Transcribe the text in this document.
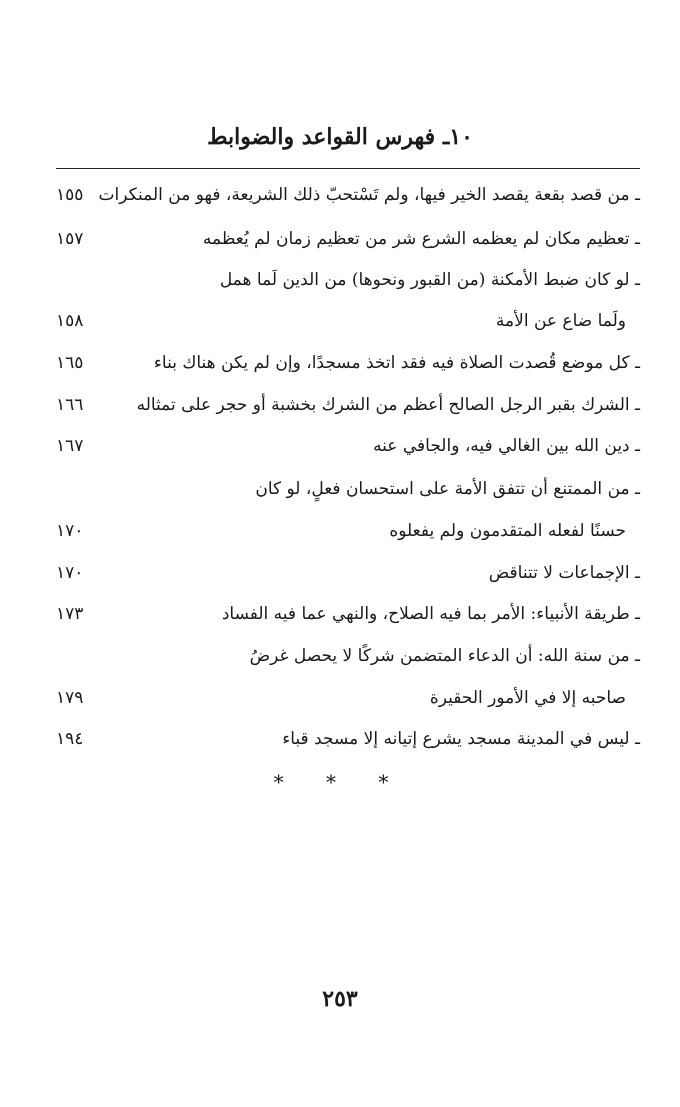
١٠ـ فهرس القواعد والضوابط
ـ من قصد بقعة يقصد الخير فيها، ولم تَسْتحبّ ذلك الشريعة، فهو من المنكرات
١٥٥
ـ تعظيم مكان لم يعظمه الشرع شر من تعظيم زمان لم يُعظمه
١٥٧
ـ لو كان ضبط الأمكنة (من القبور ونحوها) من الدين لَما همل
ولَما ضاع عن الأمة
١٥٨
ـ كل موضع قُصدت الصلاة فيه فقد اتخذ مسجدًا، وإن لم يكن هناك بناء
١٦٥
ـ الشرك بقبر الرجل الصالح أعظم من الشرك بخشبة أو حجر على تمثاله
١٦٦
ـ دين الله بين الغالي فيه، والجافي عنه
١٦٧
ـ من الممتنع أن تتفق الأمة على استحسان فعلٍ، لو كان
حسنًا لفعله المتقدمون ولم يفعلوه
١٧٠
ـ الإجماعات لا تتناقض
١٧٠
ـ طريقة الأنبياء: الأمر بما فيه الصلاح، والنهي عما فيه الفساد
١٧٣
ـ من سنة الله: أن الدعاء المتضمن شركًا لا يحصل غرضُ
صاحبه إلا في الأمور الحقيرة
١٧٩
ـ ليس في المدينة مسجد يشرع إتيانه إلا مسجد قباء
١٩٤
* * *
٢٥٣
